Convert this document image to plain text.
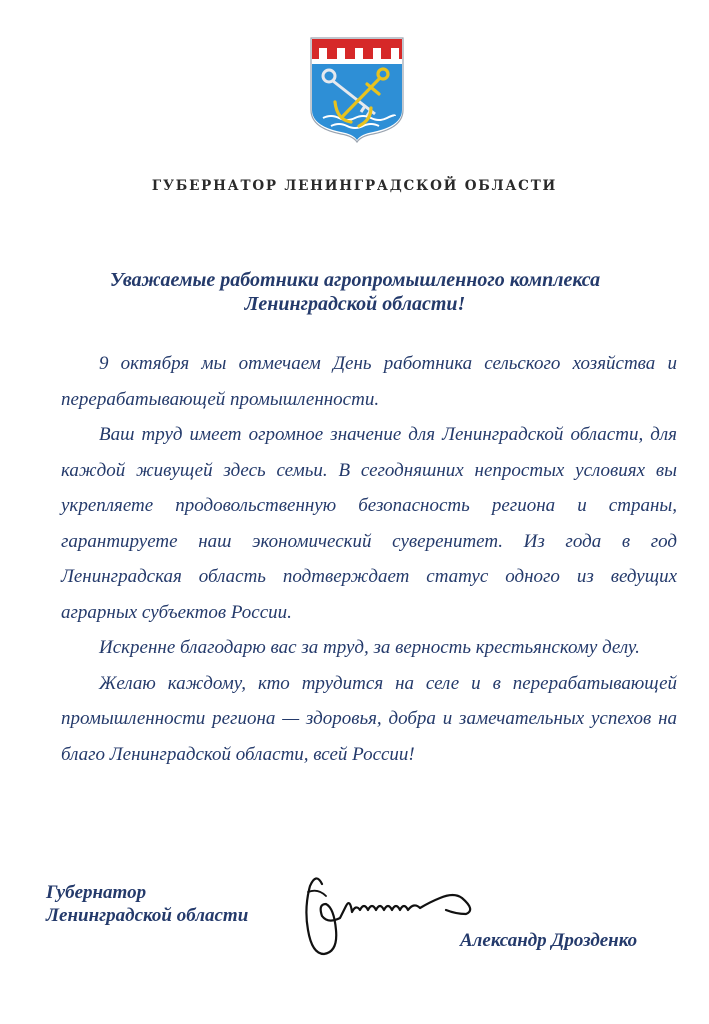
ГУБЕРНАТОР ЛЕНИНГРАДСКОЙ ОБЛАСТИ
Уважаемые работники агропромышленного комплекса
Ленинградской области!

9 октября мы отмечаем День работника сельского хозяйства и перерабатывающей промышленности.

Ваш труд имеет огромное значение для Ленинградской области, для каждой живущей здесь семьи. В сегодняшних непростых условиях вы укрепляете продовольственную безопасность региона и страны, гарантируете наш экономический суверенитет. Из года в год Ленинградская область подтверждает статус одного из ведущих аграрных субъектов России.

Искренне благодарю вас за труд, за верность крестьянскому делу.

Желаю каждому, кто трудится на селе и в перерабатывающей промышленности региона — здоровья, добра и замечательных успехов на благо Ленинградской области, всей России!

Губернатор
Ленинградской области
Александр Дрозденко
